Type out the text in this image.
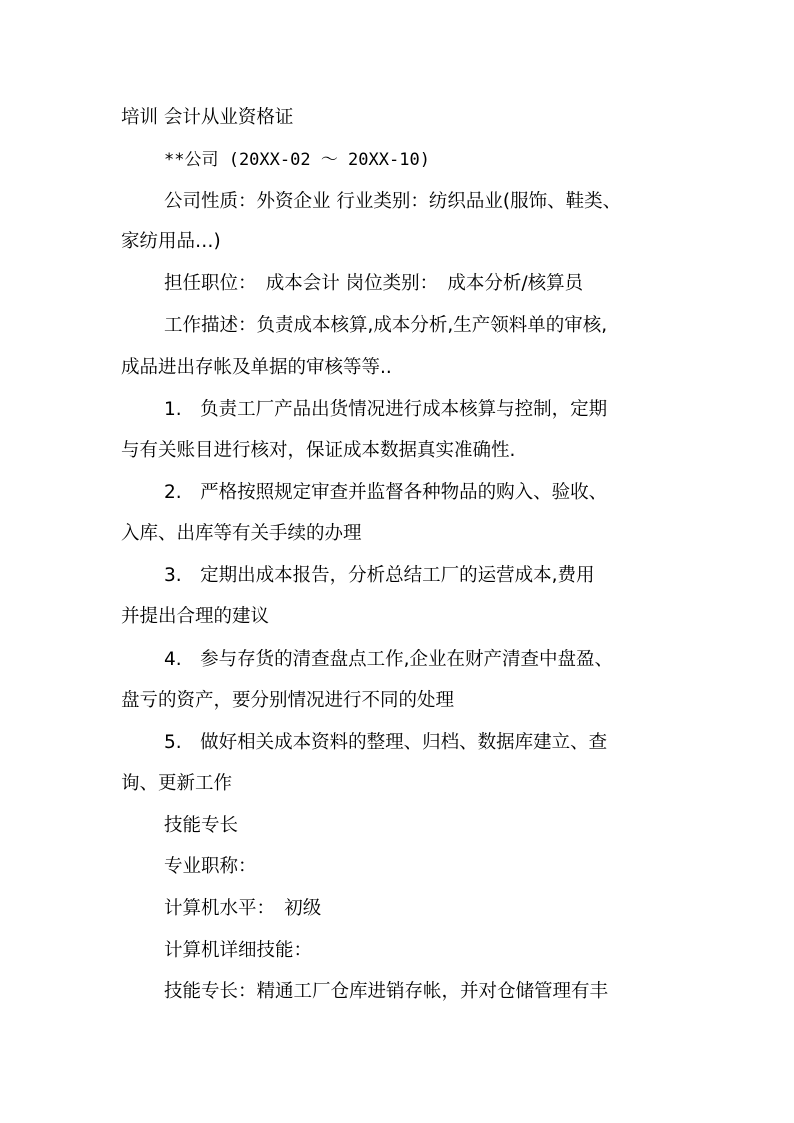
培训 会计从业资格证
**公司 (20XX-02 ～ 20XX-10)
公司性质：外资企业 行业类别：纺织品业(服饰、鞋类、
家纺用品…)
担任职位：　成本会计 岗位类别：　成本分析/核算员
工作描述：负责成本核算,成本分析,生产领料单的审核,
成品进出存帐及单据的审核等等..
1.　负责工厂产品出货情况进行成本核算与控制，定期
与有关账目进行核对，保证成本数据真实准确性.
2.　严格按照规定审查并监督各种物品的购入、验收、
入库、出库等有关手续的办理
3.　定期出成本报告，分析总结工厂的运营成本,费用
并提出合理的建议
4.　参与存货的清查盘点工作,企业在财产清查中盘盈、
盘亏的资产，要分别情况进行不同的处理
5.　做好相关成本资料的整理、归档、数据库建立、查
询、更新工作
技能专长
专业职称：
计算机水平：　初级
计算机详细技能：
技能专长：精通工厂仓库进销存帐，并对仓储管理有丰
